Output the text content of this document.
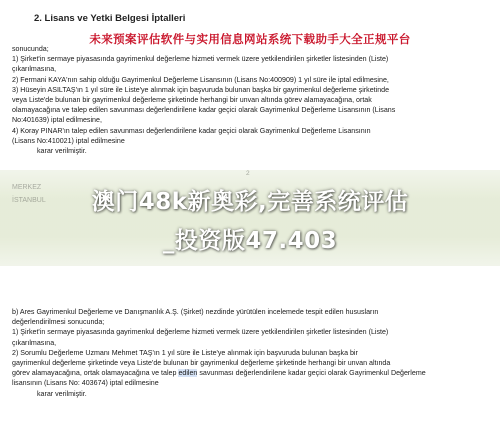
2. Lisans ve Yetki Belgesi İptalleri
未来预案评估软件与实用信息网站系统下载助手大全正规平台

sonucunda;

1) Şirket'in sermaye piyasasında gayrimenkul değerleme hizmeti vermek üzere yetkilendirilen şirketler listesinden (Liste)

çıkarılmasına,

2) Fermani KAYA'nın sahip olduğu Gayrimenkul Değerleme Lisansının (Lisans No:400909) 1 yıl süre ile iptal edilmesine,

3) Hüseyin ASILTAŞ'ın 1 yıl süre ile Liste'ye alınmak için başvuruda bulunan başka bir gayrimenkul değerleme şirketinde

veya Liste'de bulunan bir gayrimenkul değerleme şirketinde herhangi bir unvan altında görev alamayacağına, ortak

olamayacağına ve talep edilen savunması değerlendirilene kadar geçici olarak Gayrimenkul Değerleme Lisansının (Lisans No:401639) iptal edilmesine,

4) Koray PINAR'ın talep edilen savunması değerlendirilene kadar geçici olarak Gayrimenkul Değerleme Lisansının

(Lisans No:410021) iptal edilmesine

karar verilmiştir.

MERKEZ
İSTANBUL	澳门48k新奥彩,完善系统评估
_投资版47.403

b) Ares Gayrimenkul Değerleme ve Danışmanlık A.Ş. (Şirket) nezdinde yürütülen incelemede tespit edilen hususların

değerlendirilmesi sonucunda;

1) Şirket'in sermaye piyasasında gayrimenkul değerleme hizmeti vermek üzere yetkilendirilen şirketler listesinden (Liste)

çıkarılmasına,

2) Sorumlu Değerleme Uzmanı Mehmet TAŞ'ın 1 yıl süre ile Liste'ye alınmak için başvuruda bulunan başka bir

gayrimenkul değerleme şirketinde veya Liste'de bulunan bir gayrimenkul değerleme şirketinde herhangi bir unvan altında

görev alamayacağına, ortak olamayacağına ve talep edilen savunması değerlendirilene kadar geçici olarak Gayrimenkul Değerleme

lisansının (Lisans No: 403674) iptal edilmesine

karar verilmiştir.
